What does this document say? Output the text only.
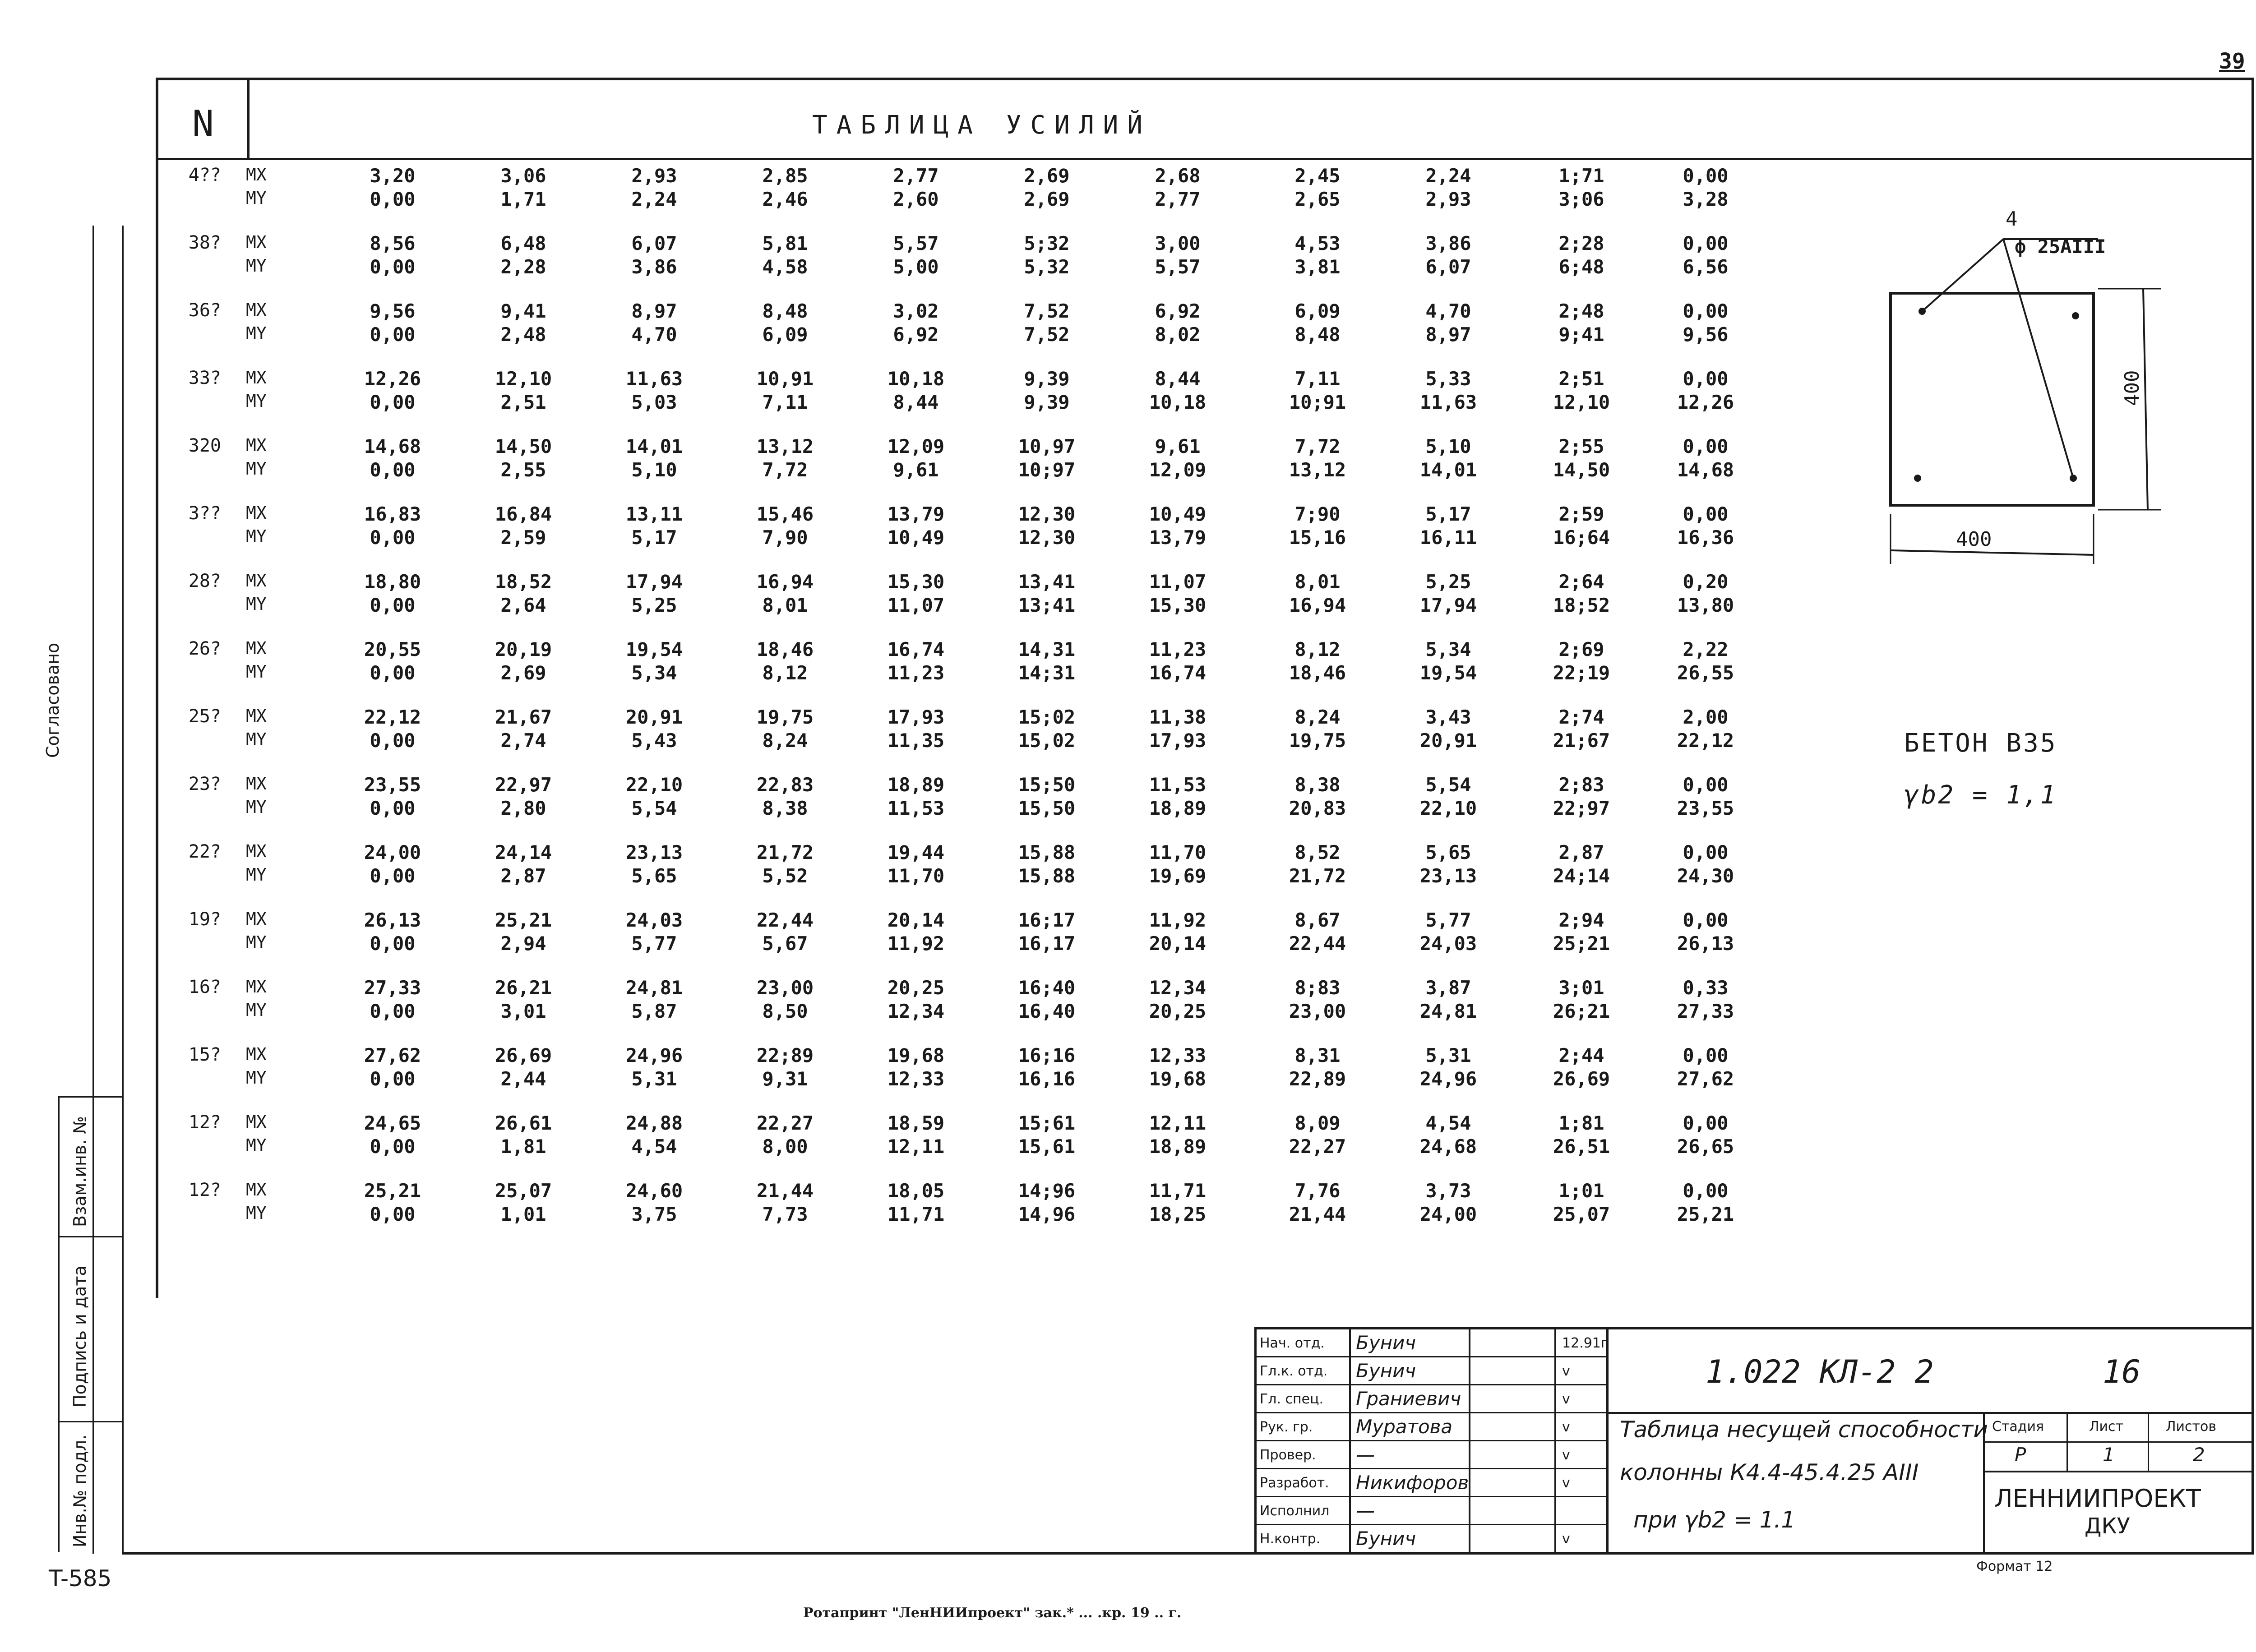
39
T-585
Ротапринт "ЛенНИИпроект" зак.* ... .кр. 19 .. г.
Согласовано
Взам.инв. №
Подпись и дата
Инв.№ подл.
N	ТАБЛИЦА УСИЛИЙ
4?? MX	3,20	3,06	2,93	2,85	2,77	2,69	2,68	2,45	2,24	1;71	0,00
MY	0,00	1,71	2,24	2,46	2,60	2,69	2,77	2,65	2,93	3;06	3,28
38? MX	8,56	6,48	6,07	5,81	5,57	5;32	3,00	4,53	3,86	2;28	0,00
MY	0,00	2,28	3,86	4,58	5,00	5,32	5,57	3,81	6,07	6;48	6,56
36? MX	9,56	9,41	8,97	8,48	3,02	7,52	6,92	6,09	4,70	2;48	0,00
MY	0,00	2,48	4,70	6,09	6,92	7,52	8,02	8,48	8,97	9;41	9,56
33? MX	12,26	12,10	11,63	10,91	10,18	9,39	8,44	7,11	5,33	2;51	0,00
MY	0,00	2,51	5,03	7,11	8,44	9,39	10,18	10;91	11,63	12,10	12,26
320 MX	14,68	14,50	14,01	13,12	12,09	10,97	9,61	7,72	5,10	2;55	0,00
MY	0,00	2,55	5,10	7,72	9,61	10;97	12,09	13,12	14,01	14,50	14,68
3?? MX	16,83	16,84	13,11	15,46	13,79	12,30	10,49	7;90	5,17	2;59	0,00
MY	0,00	2,59	5,17	7,90	10,49	12,30	13,79	15,16	16,11	16;64	16,36
28? MX	18,80	18,52	17,94	16,94	15,30	13,41	11,07	8,01	5,25	2;64	0,20
MY	0,00	2,64	5,25	8,01	11,07	13;41	15,30	16,94	17,94	18;52	13,80
26? MX	20,55	20,19	19,54	18,46	16,74	14,31	11,23	8,12	5,34	2;69	2,22
MY	0,00	2,69	5,34	8,12	11,23	14;31	16,74	18,46	19,54	22;19	26,55
25? MX	22,12	21,67	20,91	19,75	17,93	15;02	11,38	8,24	3,43	2;74	2,00
MY	0,00	2,74	5,43	8,24	11,35	15,02	17,93	19,75	20,91	21;67	22,12
23? MX	23,55	22,97	22,10	22,83	18,89	15;50	11,53	8,38	5,54	2;83	0,00
MY	0,00	2,80	5,54	8,38	11,53	15,50	18,89	20,83	22,10	22;97	23,55
22? MX	24,00	24,14	23,13	21,72	19,44	15,88	11,70	8,52	5,65	2,87	0,00
MY	0,00	2,87	5,65	5,52	11,70	15,88	19,69	21,72	23,13	24;14	24,30
19? MX	26,13	25,21	24,03	22,44	20,14	16;17	11,92	8,67	5,77	2;94	0,00
MY	0,00	2,94	5,77	5,67	11,92	16,17	20,14	22,44	24,03	25;21	26,13
16? MX	27,33	26,21	24,81	23,00	20,25	16;40	12,34	8;83	3,87	3;01	0,33
MY	0,00	3,01	5,87	8,50	12,34	16,40	20,25	23,00	24,81	26;21	27,33
15? MX	27,62	26,69	24,96	22;89	19,68	16;16	12,33	8,31	5,31	2;44	0,00
MY	0,00	2,44	5,31	9,31	12,33	16,16	19,68	22,89	24,96	26,69	27,62
12? MX	24,65	26,61	24,88	22,27	18,59	15;61	12,11	8,09	4,54	1;81	0,00
MY	0,00	1,81	4,54	8,00	12,11	15,61	18,89	22,27	24,68	26,51	26,65
12? MX	25,21	25,07	24,60	21,44	18,05	14;96	11,71	7,76	3,73	1;01	0,00
MY	0,00	1,01	3,75	7,73	11,71	14,96	18,25	21,44	24,00	25,07	25,21
4
ф 25АIII
400
400
БЕТОН В35
γb2 = 1,1
Нач. отд. Бунич	12.91г
Гл.к. отд. Бунич	v
Гл. спец. Граниевич	v
Рук. гр. Муратова	v
Провер. —	v
Разработ. Никифоров	v
Исполнил —
Н.контр. Бунич	v
1.022 КЛ-2 2	16
Таблица несущей способности
колонны К4.4-45.4.25 АIII
при γb2 = 1.1
Стадия	Лист	Листов
Р	1	2
ЛЕННИИПРОЕКТ
ДКУ
Формат 12
